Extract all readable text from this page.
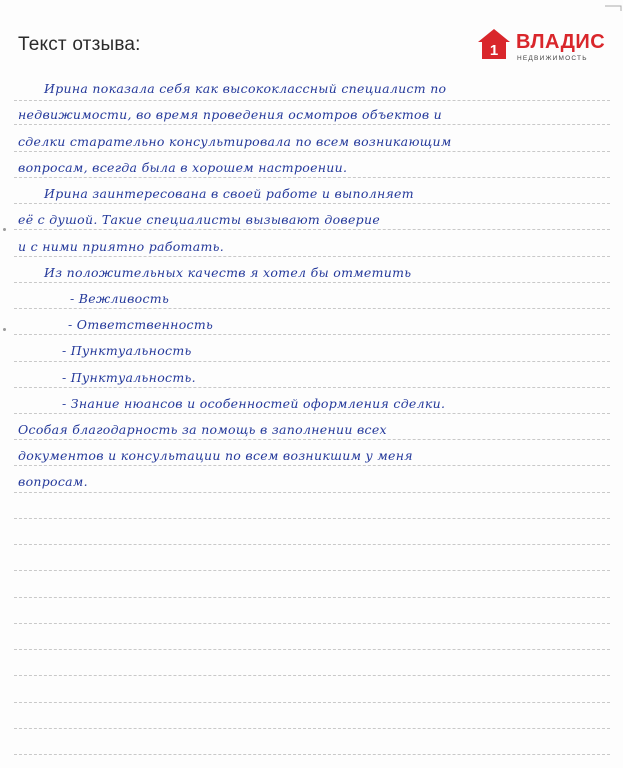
Текст отзыва:	1 ВЛАДИС
НЕДВИЖИМОСТЬ
Ирина показала себя как высококлассный специалист по
недвижимости, во время проведения осмотров объектов и
сделки старательно консультировала по всем возникающим
вопросам, всегда была в хорошем настроении.
Ирина заинтересована в своей работе и выполняет
её с душой. Такие специалисты вызывают доверие
и с ними приятно работать.
Из положительных качеств я хотел бы отметить
- Вежливость
- Ответственность
- Пунктуальность
- Пунктуальность.
- Знание нюансов и особенностей оформления сделки.
Особая благодарность за помощь в заполнении всех
документов и консультации по всем возникшим у меня
вопросам.
